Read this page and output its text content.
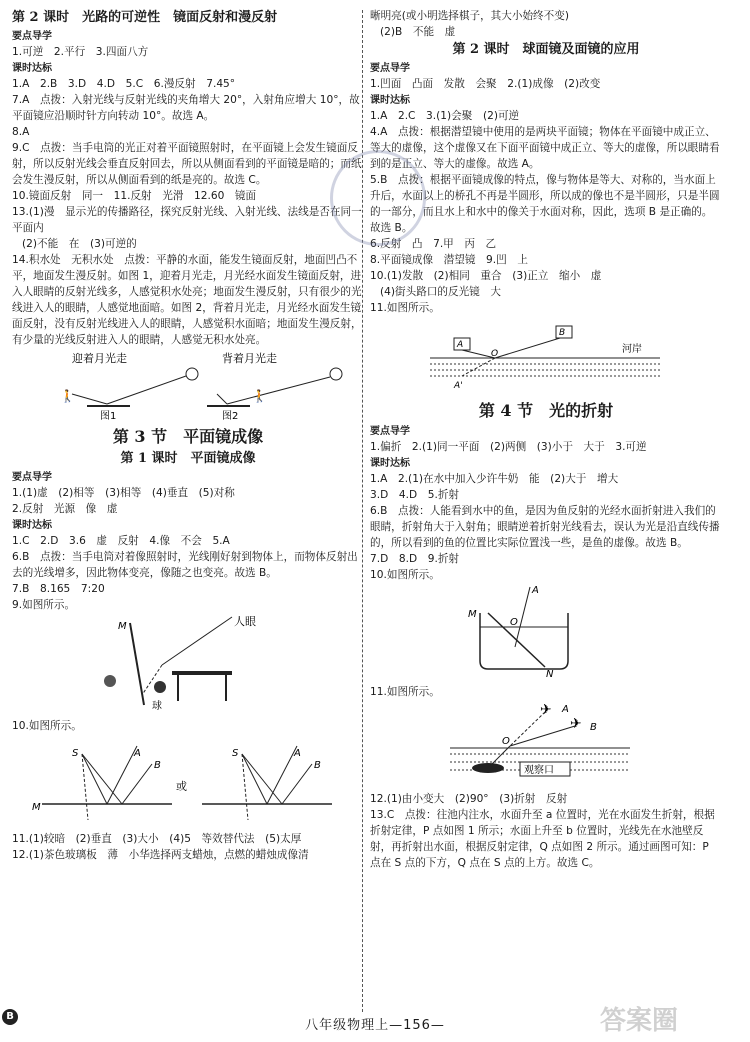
第 2 课时　光路的可逆性　镜面反射和漫反射
要点导学

1.可逆　2.平行　3.四面八方

课时达标

1.A　2.B　3.D　4.D　5.C　6.漫反射　7.45°

7.A　点拨：入射光线与反射光线的夹角增大 20°，入射角应增大 10°，故平面镜应沿顺时针方向转动 10°。故选 A。

8.A

9.C　点拨：当手电筒的光正对着平面镜照射时，在平面镜上会发生镜面反射，所以反射光线会垂直反射回去，所以从侧面看到的平面镜是暗的；而纸会发生漫反射，所以从侧面看到的纸是亮的。故选 C。

10.镜面反射　同一　11.反射　光滑　12.60　镜面

13.(1)漫　显示光的传播路径，探究反射光线、入射光线、法线是否在同一平面内

(2)不能　在　(3)可逆的

14.积水处　无积水处　点拨：平静的水面，能发生镜面反射，地面凹凸不平，地面发生漫反射。如图 1，迎着月光走，月光经水面发生镜面反射，进入人眼睛的反射光线多，人感觉积水处亮；地面发生漫反射，只有很少的光线进入人的眼睛，人感觉地面暗。如图 2，背着月光走，月光经水面发生镜面反射，没有反射光线进入人的眼睛，人感觉积水面暗；地面发生漫反射，有少量的光线反射进入人的眼睛，人感觉无积水处亮。

迎着月光走	背着月光走
🚶	🚶
图1	图2
第 3 节　平面镜成像
第 1 课时　平面镜成像
要点导学

1.(1)虚　(2)相等　(3)相等　(4)垂直　(5)对称

2.反射　光源　像　虚

课时达标

1.C　2.D　3.6　虚　反射　4.像　不会　5.A

6.B　点拨：当手电筒对着像照射时，光线刚好射到物体上，而物体反射出去的光线增多，因此物体变亮，像随之也变亮。故选 B。

7.B　8.165　7:20

9.如图所示。

M	人眼
球

10.如图所示。

S	A
B
M
或
S	A
B

11.(1)较暗　(2)垂直　(3)大小　(4)5　等效替代法　(5)太厚

12.(1)茶色玻璃板　薄　小华选择两支蜡烛，点燃的蜡烛成像清

晰明亮(或小明选择棋子，其大小始终不变)

(2)B　不能　虚

第 2 课时　球面镜及面镜的应用
要点导学

1.凹面　凸面　发散　会聚　2.(1)成像　(2)改变

课时达标

1.A　2.C　3.(1)会聚　(2)可逆

4.A　点拨：根据潜望镜中使用的是两块平面镜；物体在平面镜中成正立、等大的虚像，这个虚像又在下面平面镜中成正立、等大的虚像，所以眼睛看到的是正立、等大的虚像。故选 A。

5.B　点拨：根据平面镜成像的特点，像与物体是等大、对称的，当水面上升后，水面以上的桥孔不再是半圆形，所以成的像也不是半圆形，只是半圆的一部分，而且水上和水中的像关于水面对称，因此，选项 B 是正确的。故选 B。

6.反射　凸　7.甲　丙　乙

8.平面镜成像　潜望镜　9.凹　上

10.(1)发散　(2)相同　重合　(3)正立　缩小　虚

(4)街头路口的反光镜　大

11.如图所示。

A
B
O	河岸
A'
第 4 节　光的折射
要点导学

1.偏折　2.(1)同一平面　(2)两侧　(3)小于　大于　3.可逆

课时达标

1.A　2.(1)在水中加入少许牛奶　能　(2)大于　增大

3.D　4.D　5.折射

6.B　点拨：人能看到水中的鱼，是因为鱼反射的光经水面折射进入我们的眼睛，折射角大于入射角；眼睛逆着折射光线看去，误认为光是沿直线传播的，所以看到的鱼的位置比实际位置浅一些，是鱼的虚像。故选 B。

7.D　8.D　9.折射

10.如图所示。

M
N
A
O

11.如图所示。

✈ A
✈ B
O
观察口

12.(1)由小变大　(2)90°　(3)折射　反射

13.C　点拨：往池内注水，水面升至 a 位置时，光在水面发生折射，根据折射定律，P 点如图 1 所示；水面上升至 b 位置时，光线先在水池壁反射，再折射出水面，根据反射定律，Q 点如图 2 所示。通过画图可知：P 点在 S 点的下方，Q 点在 S 点的上方。故选 C。

B
八年级物理上—156—	答案圈
